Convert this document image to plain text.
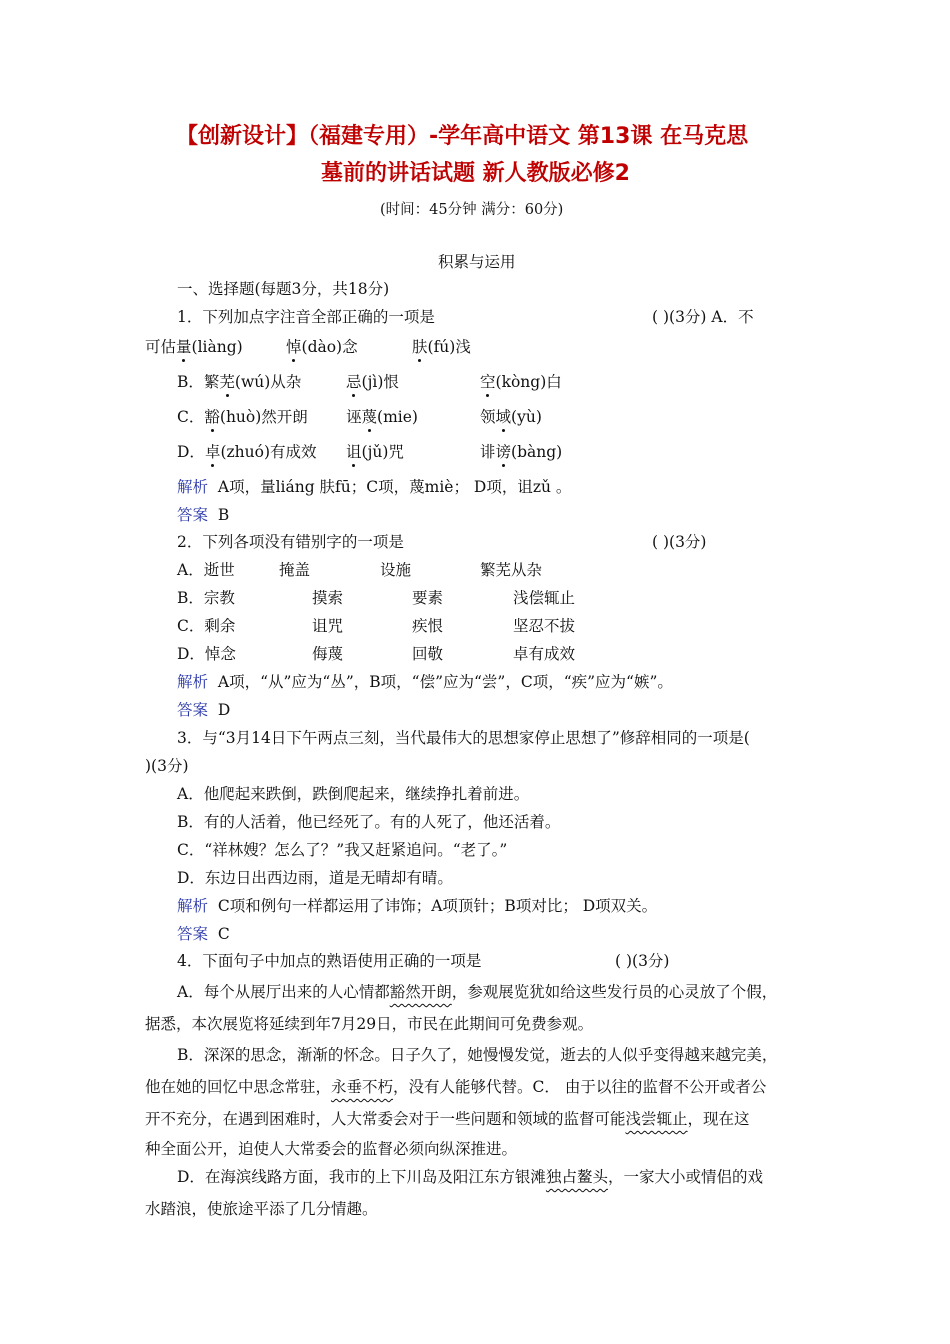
【创新设计】（福建专用）-学年高中语文 第13课 在马克思
墓前的讲话试题 新人教版必修2
(时间：45分钟 满分：60分)
积累与运用
一、选择题(每题3分，共18分)
1．下列加点字注音全部正确的一项是	( )(3分) A．不
可估量(liàng)	悼(dào)念	肤(fú)浅
B．繁芜(wú)从杂	忌(jì)恨	空(kòng)白
C．豁(huò)然开朗 诬蔑(mie)	领域(yù)
D．卓(zhuó)有成效 诅(jǔ)咒	诽谤(bàng)
解析 A项，量liáng 肤fū；C项，蔑miè； D项，诅zǔ 。
答案 B
2．下列各项没有错别字的一项是	( )(3分)
A．逝世	掩盖	设施	繁芜从杂
B．宗教	摸索	要素	浅偿辄止
C．剩余	诅咒	疾恨	坚忍不拔
D．悼念	侮蔑	回敬	卓有成效
解析 A项，“从”应为“丛”，B项，“偿”应为“尝”，C项，“疾”应为“嫉”。
答案 D
3．与“3月14日下午两点三刻，当代最伟大的思想家停止思想了”修辞相同的一项是(
)(3分)
A．他爬起来跌倒，跌倒爬起来，继续挣扎着前进。
B．有的人活着，他已经死了。有的人死了，他还活着。
C．“祥林嫂？怎么了？”我又赶紧追问。“老了。”
D．东边日出西边雨，道是无晴却有晴。
解析 C项和例句一样都运用了讳饰；A项顶针；B项对比； D项双关。
答案 C
4．下面句子中加点的熟语使用正确的一项是	( )(3分)
A．每个从展厅出来的人心情都豁然开朗，参观展览犹如给这些发行员的心灵放了个假，
据悉，本次展览将延续到年7月29日，市民在此期间可免费参观。
B．深深的思念，渐渐的怀念。日子久了，她慢慢发觉，逝去的人似乎变得越来越完美，
他在她的回忆中思念常驻，永垂不朽，没有人能够代替。C． 由于以往的监督不公开或者公
开不充分，在遇到困难时，人大常委会对于一些问题和领域的监督可能浅尝辄止，现在这
种全面公开，迫使人大常委会的监督必须向纵深推进。
D．在海滨线路方面，我市的上下川岛及阳江东方银滩独占鳌头，一家大小或情侣的戏
水踏浪，使旅途平添了几分情趣。
